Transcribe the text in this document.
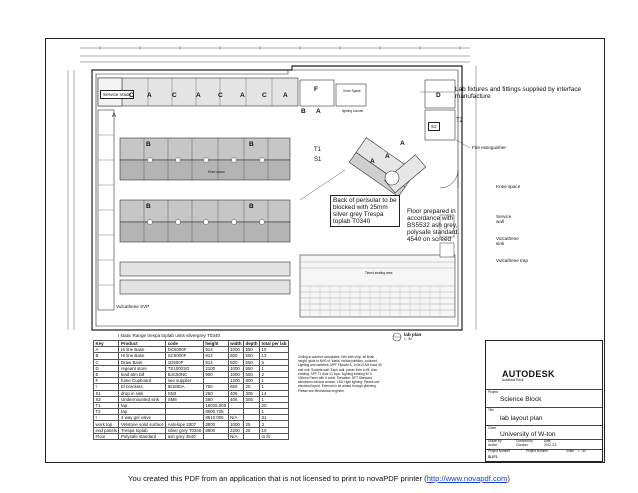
Service Voids
A
C A	C	A	C	A	C	A
F	Knee Space
B A	lighting column
D
Lab fixtures and fittings supplied by interface manufacture
T2
S2
Fire extinguisher
B	B
Knee space
T1
S1	A
A
A
B	B
Back of perisular to be blocked with 25mm silver grey Trespa toplab T0340
Floor prepared in accordance with BS5532 ash grey, polysafe standard. 4540 on screed
Knee space
Service wall
Vulcathene sink
Vulcathene trap
Tiered seating area
Vulcathene SVP
lab plan
1 : 50
I static Range trespa toplab units silvergrey T0340
Key	Product	code	height	width	depth	total per lab
A	Hi line Base	DC6000F	914	1000	550	10
B	Hi line Base	SC5000F	914	500	550	13
C	Draw Base	1D500F	914	500	550	5
D	regeant store	TS1000SG	2100	1000	550	1
E	lead atm bill	BJC50NC	900	1000	550	2
F	fume Cupboard	see supplier		1200	800	1
I	El brackets	IB1800A	750	650	20	1
S1	drop in sink	SN3	260	406	305	14
S2	Undermounted sink	SM8	280	406	305	1
T1	tap		18026.005			20
T2	tap		8500.725			1
I	4 way gel valve		8510.005	N/A		31
work top	Velstone solid surface	Antelope 2007	3800	1000	25	3
end panels	Trespa toplab	silver grey T0340	8800	2200	25	10
Floor	Polysafe standard	ash grey 4540		N/A		to fit
Ceiling to achieve acceptable. N/m with vinyl, all finish height, grids to NHS sf. Walls: Hollow partition, coloured. Lighting and switches: MPF Flipside A, 1x3x13 A/d bond 40 and unit. Sockets wall: Each wall, power from to fill. Also existing: SPF T1 door 01 tops. Lighting existing 50 0. 150mm Panel with 6 cubic. Elevation: DFT Standard aluminium window custom. LED Light lighting: Please see electrical layout. External to be added through planning. Please see Mechanical engineer.
AUTODESK
Autodesk Revit
Project
Science Block
Title
lab layout plan
Client
University of W-ton
Drawn by
Author
Checked by
Checker
Date
2012.3.5
Project Number	Project Number	Scale 1 : 50
SL071
You created this PDF from an application that is not licensed to print to novaPDF printer (http://www.novapdf.com)
